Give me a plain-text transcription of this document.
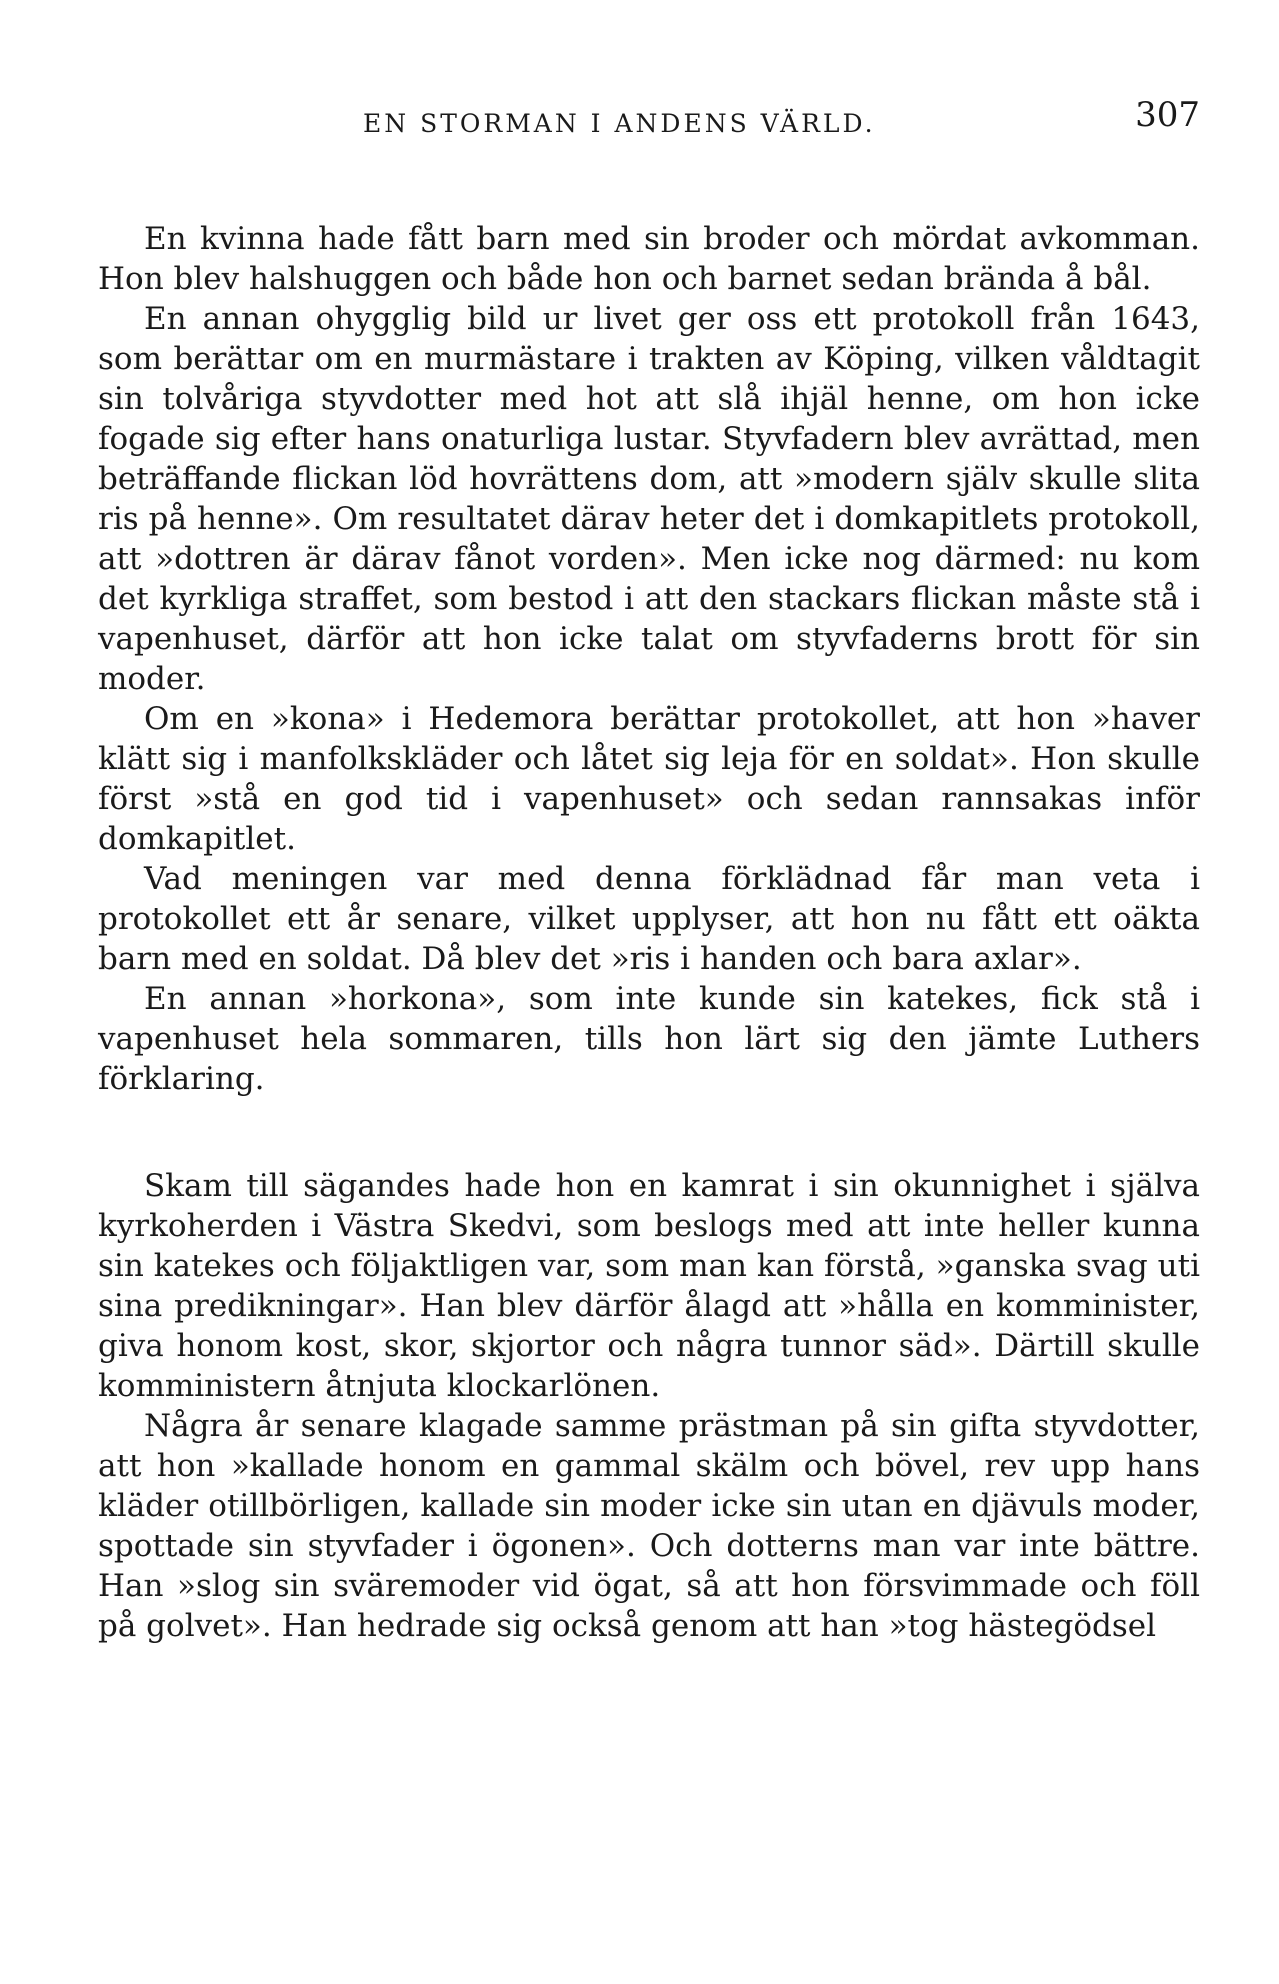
EN STORMAN I ANDENS VÄRLD.	307

En kvinna hade fått barn med sin broder och mördat avkomman. Hon blev halshuggen och både hon och barnet sedan brända å bål.

En annan ohygglig bild ur livet ger oss ett protokoll från 1643, som berättar om en murmästare i trakten av Köping, vilken våldtagit sin tolvåriga styvdotter med hot att slå ihjäl henne, om hon icke fogade sig efter hans onaturliga lustar. Styvfadern blev avrättad, men beträffande flickan löd hovrättens dom, att »modern själv skulle slita ris på henne». Om resultatet därav heter det i domkapitlets protokoll, att »dottren är därav fånot vorden». Men icke nog därmed: nu kom det kyrkliga straffet, som bestod i att den stackars flickan måste stå i vapenhuset, därför att hon icke talat om styvfaderns brott för sin moder.

Om en »kona» i Hedemora berättar protokollet, att hon »haver klätt sig i manfolkskläder och låtet sig leja för en soldat». Hon skulle först »stå en god tid i vapenhuset» och sedan rannsakas inför domkapitlet.

Vad meningen var med denna förklädnad får man veta i protokollet ett år senare, vilket upplyser, att hon nu fått ett oäkta barn med en soldat. Då blev det »ris i handen och bara axlar».

En annan »horkona», som inte kunde sin katekes, fick stå i vapenhuset hela sommaren, tills hon lärt sig den jämte Luthers förklaring.

Skam till sägandes hade hon en kamrat i sin okunnighet i själva kyrkoherden i Västra Skedvi, som beslogs med att inte heller kunna sin katekes och följaktligen var, som man kan förstå, »ganska svag uti sina predikningar». Han blev därför ålagd att »hålla en komminister, giva honom kost, skor, skjortor och några tunnor säd». Därtill skulle komministern åtnjuta klockarlönen.

Några år senare klagade samme prästman på sin gifta styvdotter, att hon »kallade honom en gammal skälm och bövel, rev upp hans kläder otillbörligen, kallade sin moder icke sin utan en djävuls moder, spottade sin styvfader i ögonen». Och dotterns man var inte bättre. Han »slog sin sväremoder vid ögat, så att hon försvimmade och föll på golvet». Han hedrade sig också genom att han »tog hästegödsel
